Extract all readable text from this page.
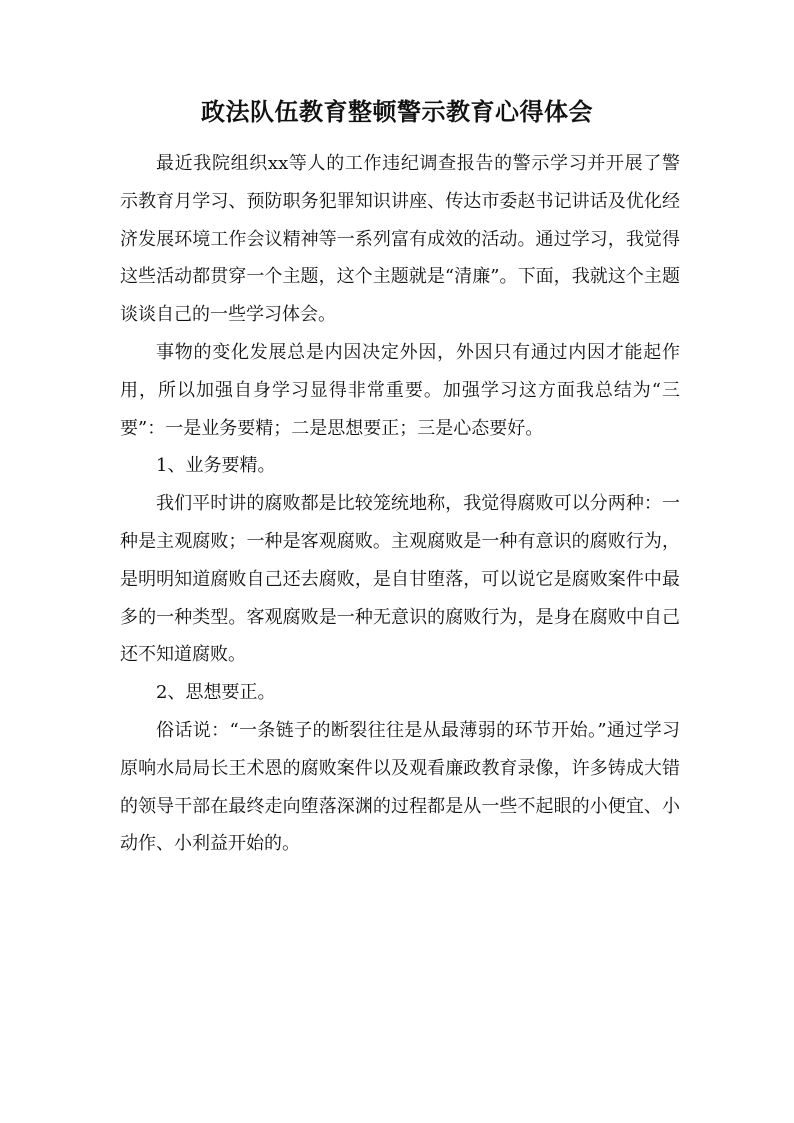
政法队伍教育整顿警示教育心得体会

最近我院组织xx等人的工作违纪调查报告的警示学习并开展了警示教育月学习、预防职务犯罪知识讲座、传达市委赵书记讲话及优化经济发展环境工作会议精神等一系列富有成效的活动。通过学习，我觉得这些活动都贯穿一个主题，这个主题就是“清廉”。下面，我就这个主题谈谈自己的一些学习体会。

事物的变化发展总是内因决定外因，外因只有通过内因才能起作用，所以加强自身学习显得非常重要。加强学习这方面我总结为“三要”：一是业务要精；二是思想要正；三是心态要好。

1、业务要精。

我们平时讲的腐败都是比较笼统地称，我觉得腐败可以分两种：一种是主观腐败；一种是客观腐败。主观腐败是一种有意识的腐败行为，是明明知道腐败自己还去腐败，是自甘堕落，可以说它是腐败案件中最多的一种类型。客观腐败是一种无意识的腐败行为，是身在腐败中自己还不知道腐败。

2、思想要正。

俗话说：“一条链子的断裂往往是从最薄弱的环节开始。”通过学习原响水局局长王术恩的腐败案件以及观看廉政教育录像，许多铸成大错的领导干部在最终走向堕落深渊的过程都是从一些不起眼的小便宜、小动作、小利益开始的。
